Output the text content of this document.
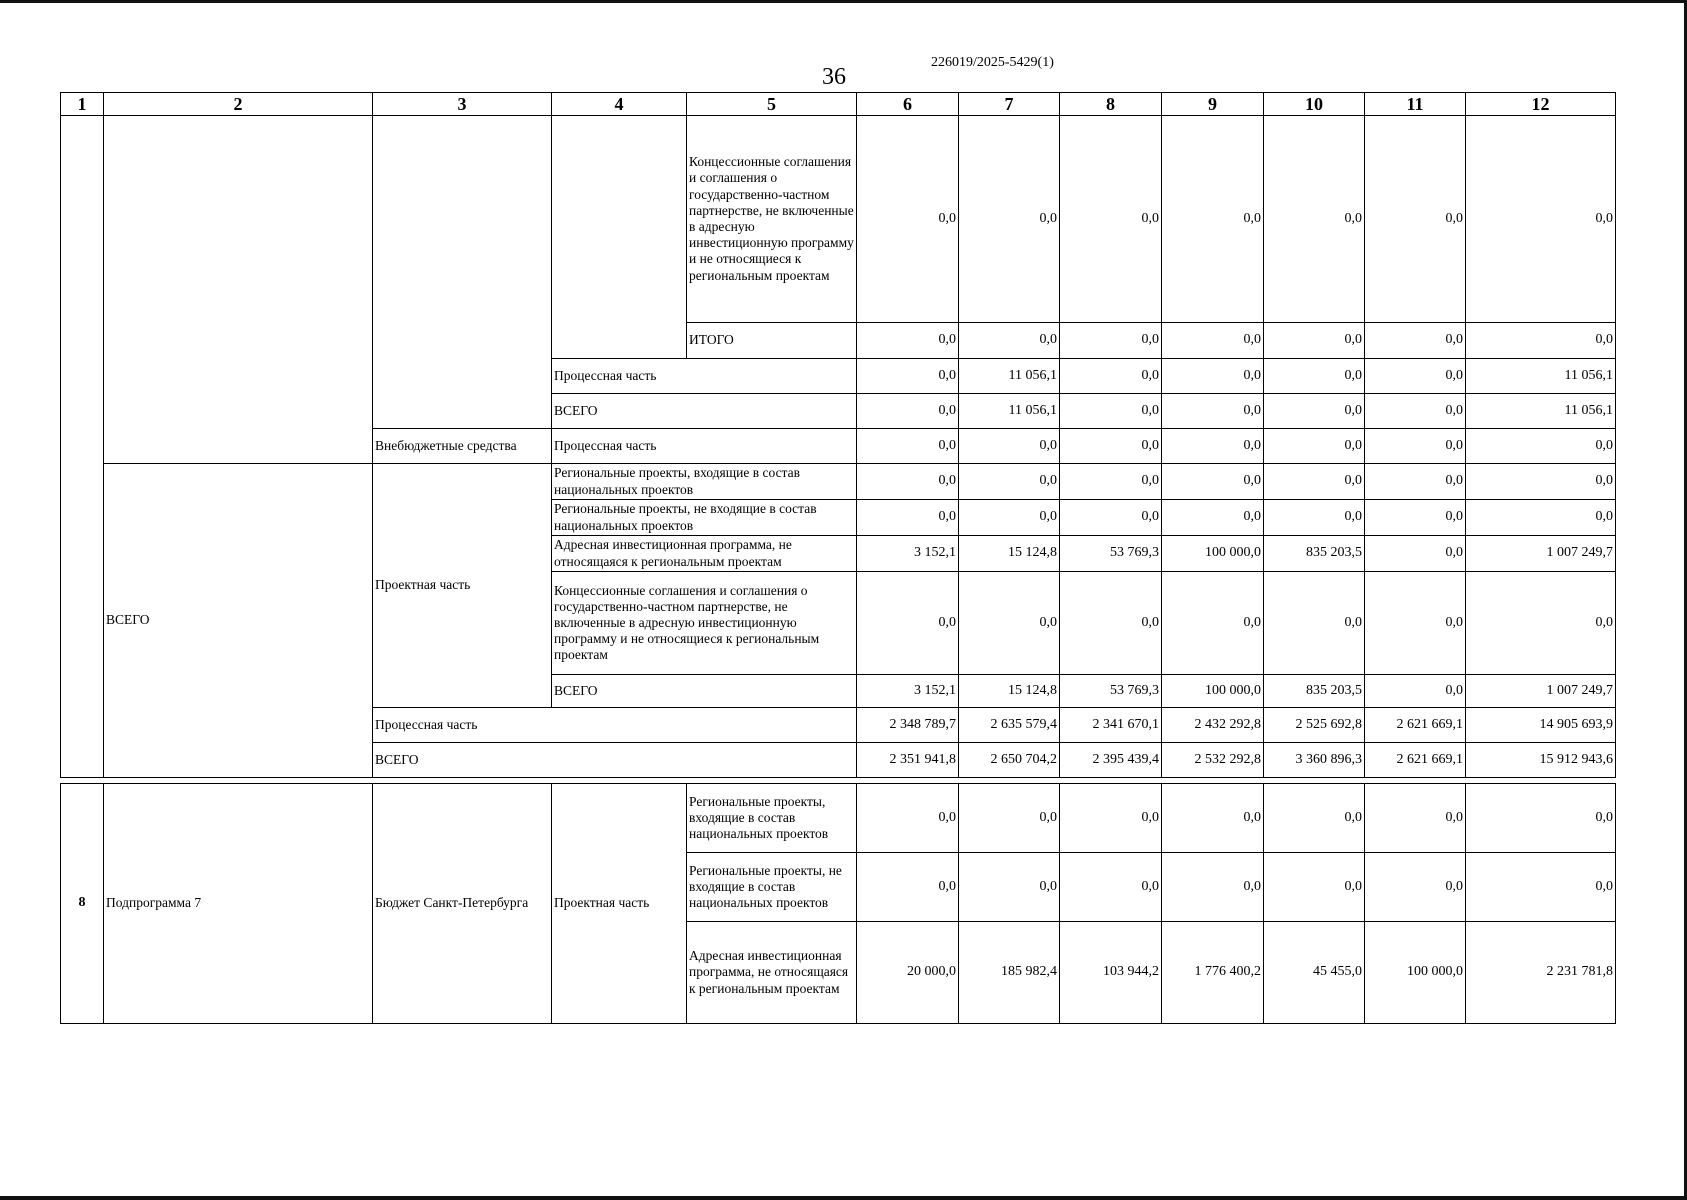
36
226019/2025-5429(1)
1	2	3	4	5	6	7	8	9	10	11	12
				Концессионные соглашения и соглашения о государственно-частном партнерстве, не включенные в адресную инвестиционную программу и не относящиеся к региональным проектам	0,0	0,0	0,0	0,0	0,0	0,0	0,0
				ИТОГО	0,0	0,0	0,0	0,0	0,0	0,0	0,0
			Процессная часть		0,0	11 056,1	0,0	0,0	0,0	0,0	11 056,1
			ВСЕГО		0,0	11 056,1	0,0	0,0	0,0	0,0	11 056,1
		Внебюджетные средства	Процессная часть		0,0	0,0	0,0	0,0	0,0	0,0	0,0
	ВСЕГО	Проектная часть	Региональные проекты, входящие в состав национальных проектов		0,0	0,0	0,0	0,0	0,0	0,0	0,0
			Региональные проекты, не входящие в состав национальных проектов		0,0	0,0	0,0	0,0	0,0	0,0	0,0
			Адресная инвестиционная программа, не относящаяся к региональным проектам		3 152,1	15 124,8	53 769,3	100 000,0	835 203,5	0,0	1 007 249,7
			Концессионные соглашения и соглашения о государственно-частном партнерстве, не включенные в адресную инвестиционную программу и не относящиеся к региональным проектам		0,0	0,0	0,0	0,0	0,0	0,0	0,0
			ВСЕГО		3 152,1	15 124,8	53 769,3	100 000,0	835 203,5	0,0	1 007 249,7
		Процессная часть			2 348 789,7	2 635 579,4	2 341 670,1	2 432 292,8	2 525 692,8	2 621 669,1	14 905 693,9
		ВСЕГО			2 351 941,8	2 650 704,2	2 395 439,4	2 532 292,8	3 360 896,3	2 621 669,1	15 912 943,6
8	Подпрограмма 7	Бюджет Санкт-Петербурга	Проектная часть	Региональные проекты, входящие в состав национальных проектов	0,0	0,0	0,0	0,0	0,0	0,0	0,0
				Региональные проекты, не входящие в состав национальных проектов	0,0	0,0	0,0	0,0	0,0	0,0	0,0
				Адресная инвестиционная программа, не относящаяся к региональным проектам	20 000,0	185 982,4	103 944,2	1 776 400,2	45 455,0	100 000,0	2 231 781,8
